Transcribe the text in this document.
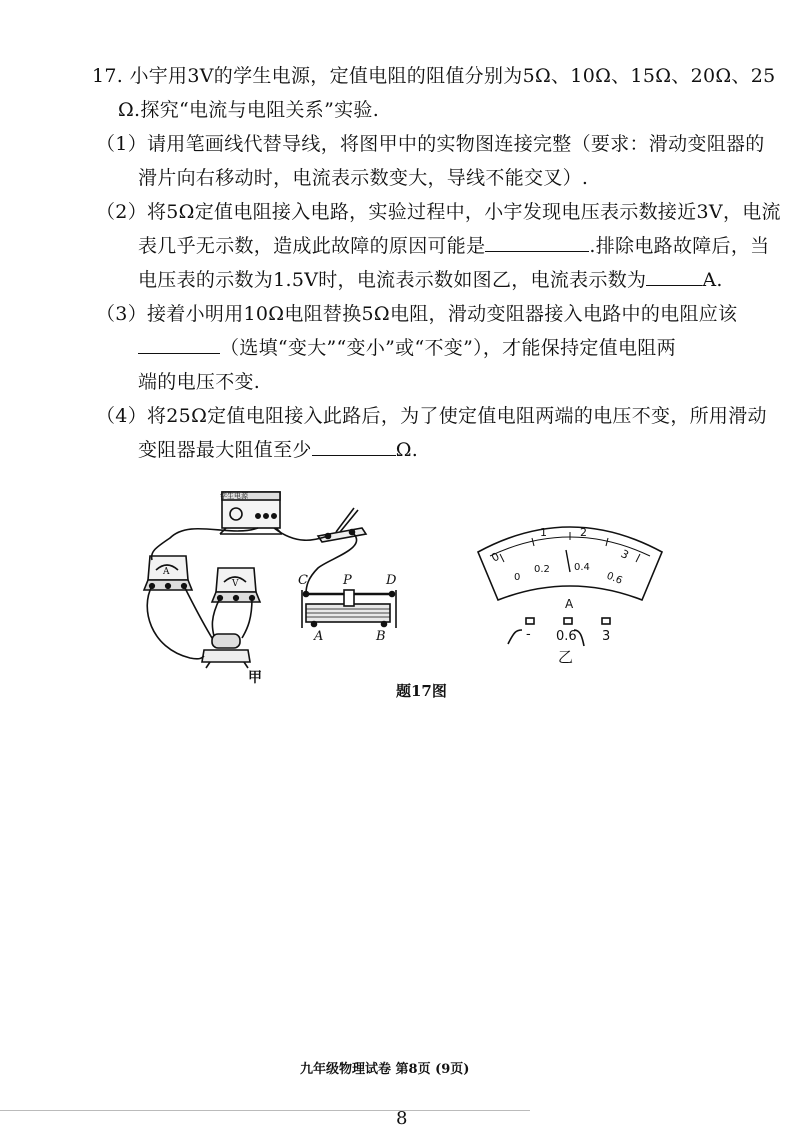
17. 小宇用3V的学生电源，定值电阻的阻值分别为5Ω、10Ω、15Ω、20Ω、25
Ω.探究“电流与电阻关系”实验.
（1）请用笔画线代替导线，将图甲中的实物图连接完整（要求：滑动变阻器的
滑片向右移动时，电流表示数变大，导线不能交叉）.
（2）将5Ω定值电阻接入电路，实验过程中，小宇发现电压表示数接近3V，电流
表几乎无示数，造成此故障的原因可能是	.排除电路故障后，当
电压表的示数为1.5V时，电流表示数如图乙，电流表示数为	A.
（3）接着小明用10Ω电阻替换5Ω电阻，滑动变阻器接入电路中的电阻应该
（选填“变大”“变小”或“不变”），才能保持定值电阻两
端的电压不变.
（4）将25Ω定值电阻接入此路后，为了使定值电阻两端的电压不变，所用滑动
变阻器最大阻值至少	Ω.
学生电源
A
V	C	P	D
A	B
甲
0
1	2
3
0
0.2 0.4
0.6
A
- 0.6 3
乙
题17图
九年级物理试卷 第8页 (9页)
8
